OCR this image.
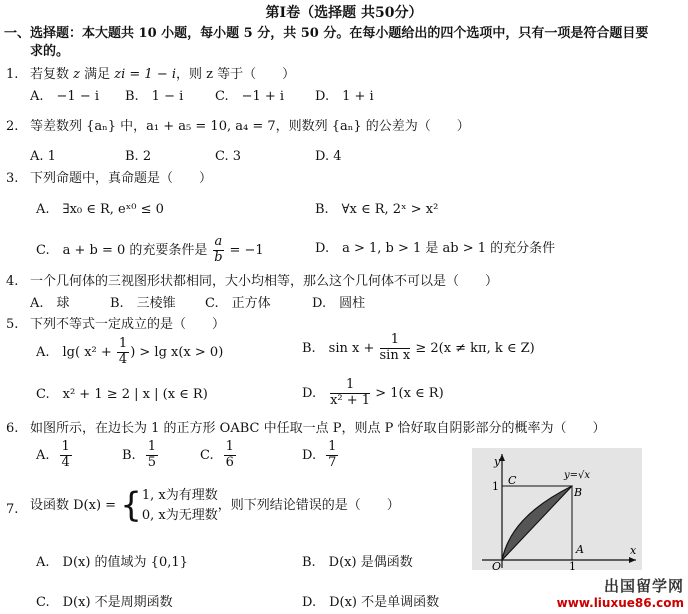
第Ⅰ卷（选择题 共50分）
一、选择题：本大题共 10 小题，每小题 5 分，共 50 分。在每小题给出的四个选项中，只有一项是符合题目要
求的。
1. 若复数 z 满足 zi = 1 − i，则 z 等于（　　）
A.　−1 − i B.　1 − i C.　−1 + i D.　1 + i
2. 等差数列 {aₙ} 中，a₁ + a₅ = 10, a₄ = 7，则数列 {aₙ} 的公差为（　　）
A. 1	B. 2	C. 3	D. 4
3. 下列命题中，真命题是（　　）
A.　∃x₀ ∈ R, eˣ⁰ ≤ 0	B.　∀x ∈ R, 2ˣ > x²
C.　a + b = 0 的充要条件是 $\frac{a}{b} = -1$	D.　a > 1, b > 1 是 ab > 1 的充分条件
4. 一个几何体的三视图形状都相同，大小均相等，那么这个几何体不可以是（　　）
A.　球	B.　三棱锥 C.　正方体	D.　圆柱
5. 下列不等式一定成立的是（　　）
A.　lg( $x^2 + \frac{1}{4}$ ) > lg x(x > 0)	B.　$\sin x + \frac{1}{\text{sin x}} \ge 2(x \ne k\pi$, k ∈ Z)
C.　x² + 1 ≥ 2 | x | (x ∈ R)	D.　 $\frac{1}{\text{x² + 1}} > 1(x$ ∈ R)
6. 如图所示，在边长为 1 的正方形 OABC 中任取一点 P，则点 P 恰好取自阴影部分的概率为（　　）
A. $\frac{1}{4}$	B. $\frac{1}{5}$	C. $\frac{1}{6}$	D. $\frac{1}{7}$
7. 设函数 D(x) = { 1, x为有理数
0, x为无理数
，则下列结论错误的是（　　）
A.　D(x) 的值域为 {0,1}	B.　D(x) 是偶函数
C.　D(x) 不是周期函数	D.　D(x) 不是单调函数
y
x
O
A
B
C
1
1
y=√x
出国留学网
www.liuxue86.com
